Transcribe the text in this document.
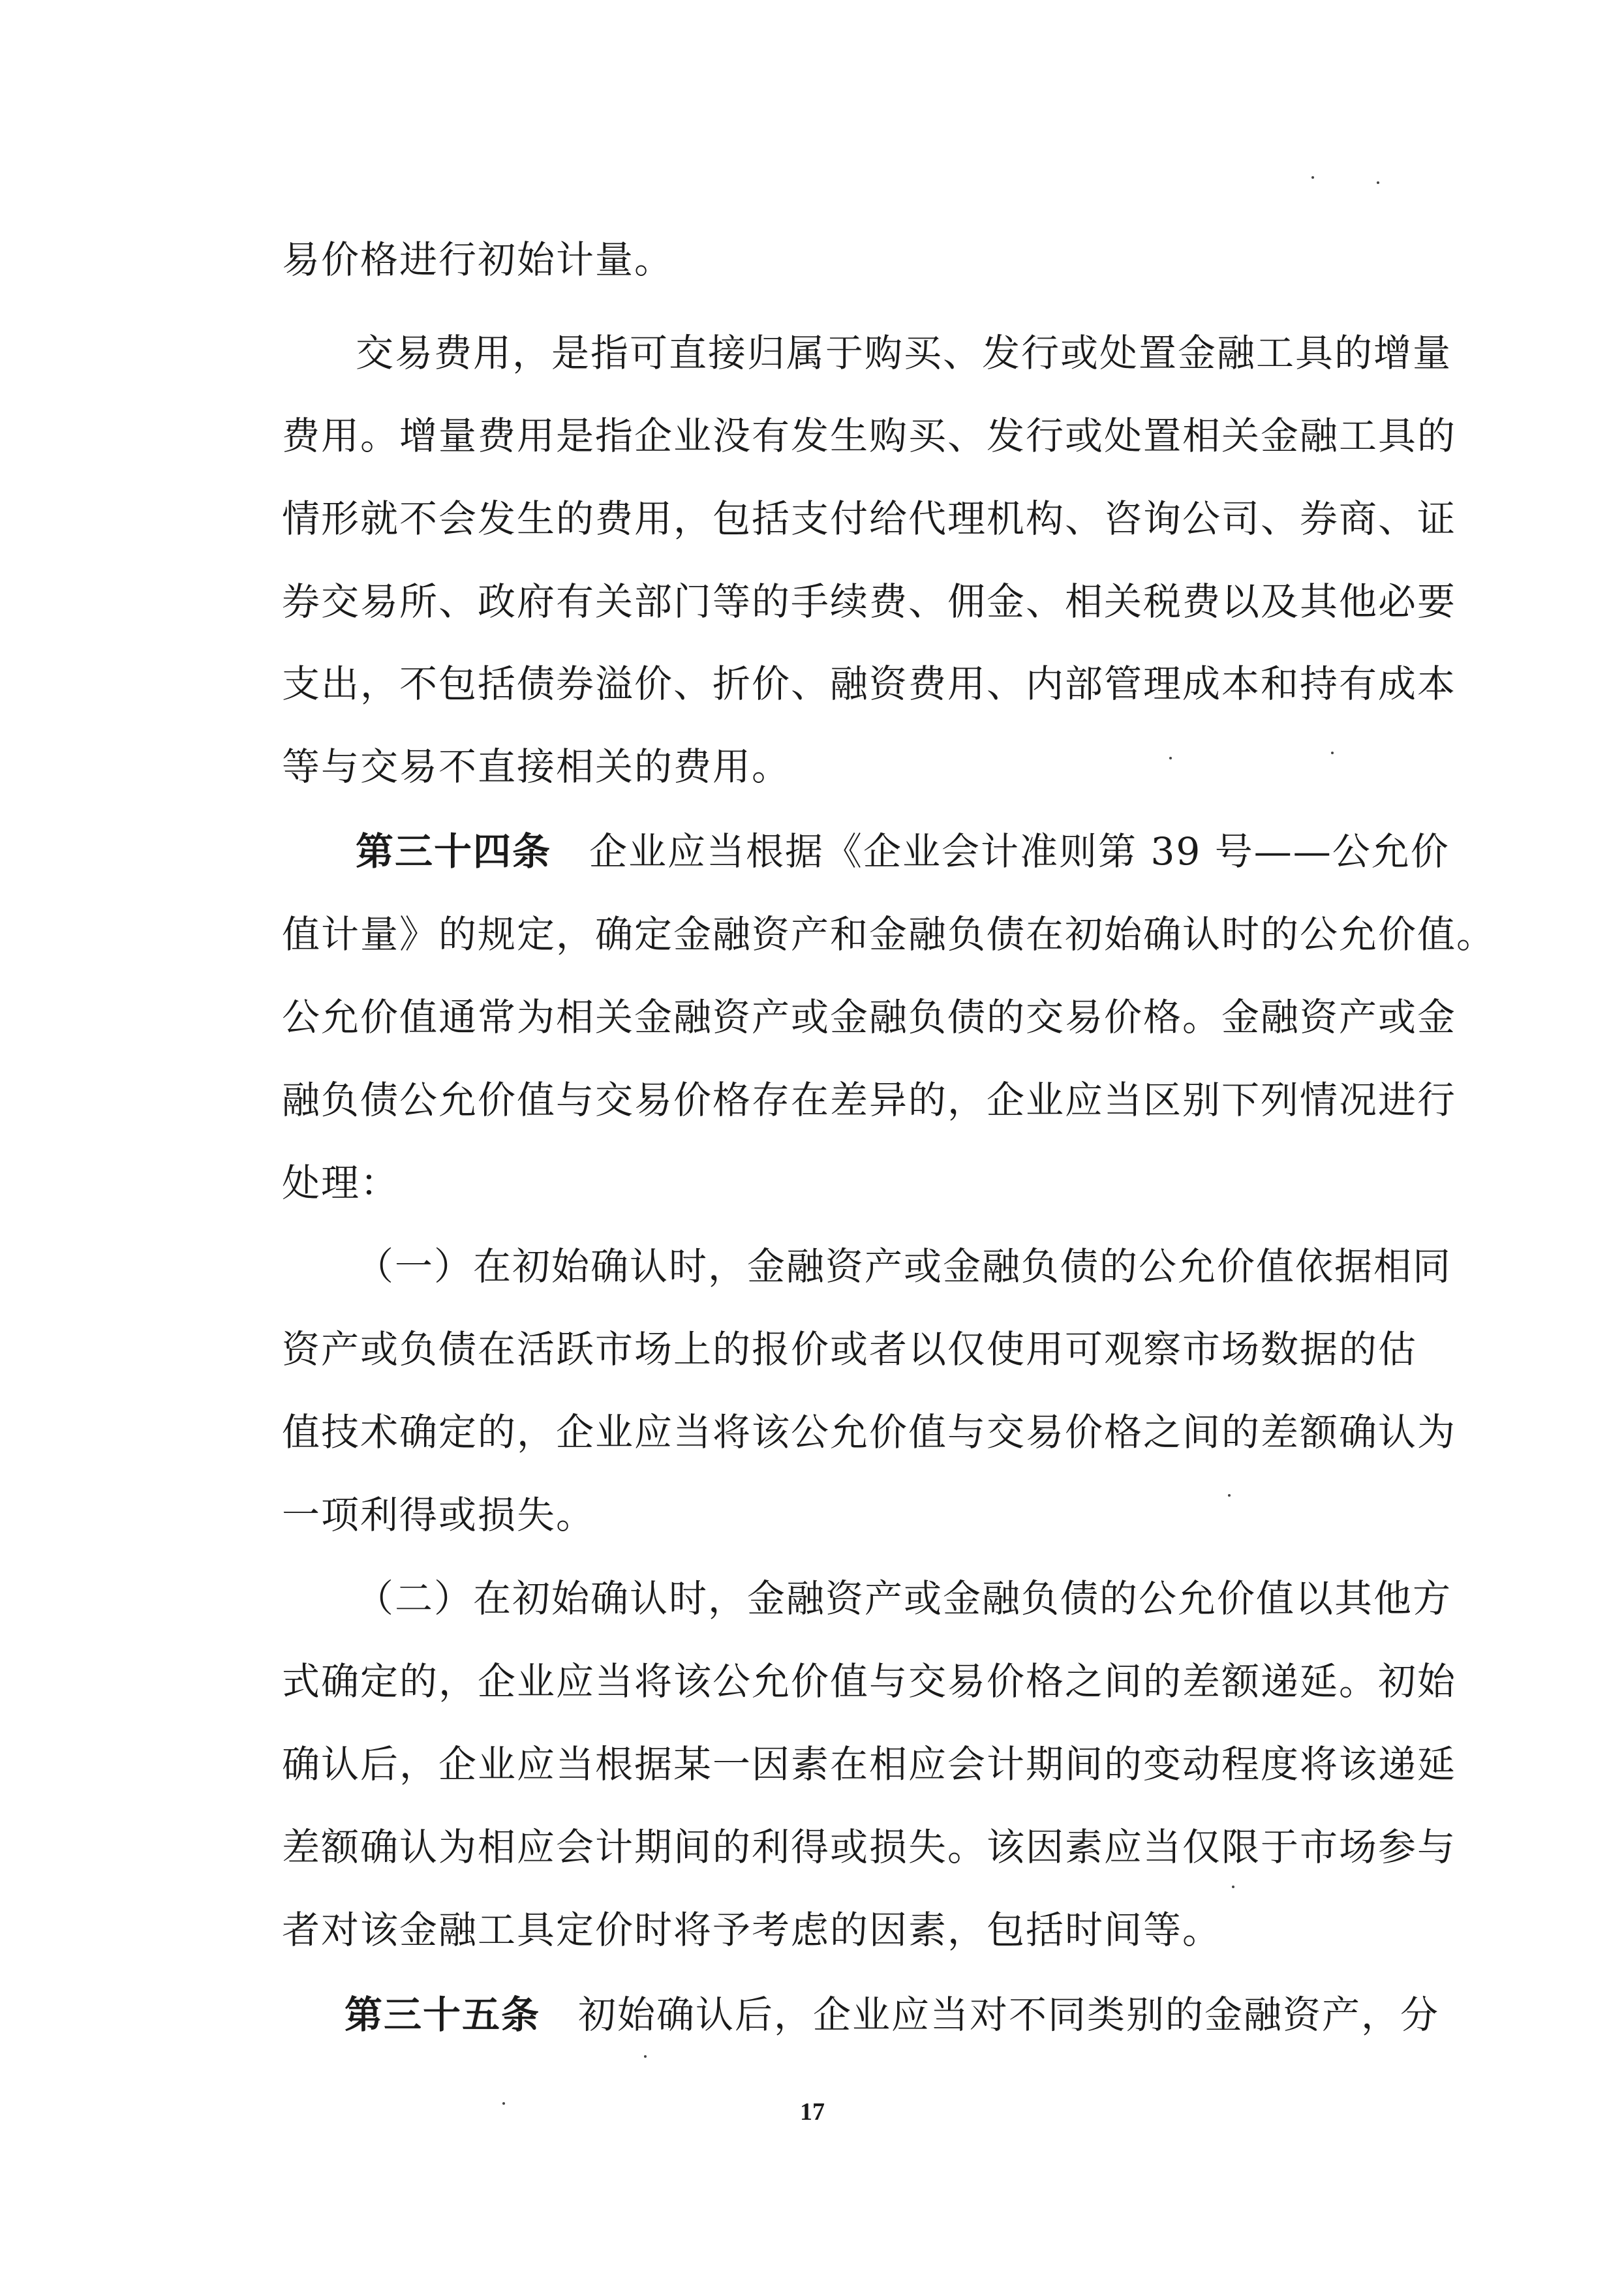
易价格进行初始计量。
交易费用，是指可直接归属于购买、发行或处置金融工具的增量
费用。增量费用是指企业没有发生购买、发行或处置相关金融工具的
情形就不会发生的费用，包括支付给代理机构、咨询公司、券商、证
券交易所、政府有关部门等的手续费、佣金、相关税费以及其他必要
支出，不包括债券溢价、折价、融资费用、内部管理成本和持有成本
等与交易不直接相关的费用。
第三十四条 企业应当根据《企业会计准则第 39 号——公允价
值计量》的规定，确定金融资产和金融负债在初始确认时的公允价值。
公允价值通常为相关金融资产或金融负债的交易价格。金融资产或金
融负债公允价值与交易价格存在差异的，企业应当区别下列情况进行
处理：
（一）在初始确认时，金融资产或金融负债的公允价值依据相同
资产或负债在活跃市场上的报价或者以仅使用可观察市场数据的估
值技术确定的，企业应当将该公允价值与交易价格之间的差额确认为
一项利得或损失。
（二）在初始确认时，金融资产或金融负债的公允价值以其他方
式确定的，企业应当将该公允价值与交易价格之间的差额递延。初始
确认后，企业应当根据某一因素在相应会计期间的变动程度将该递延
差额确认为相应会计期间的利得或损失。该因素应当仅限于市场参与
者对该金融工具定价时将予考虑的因素，包括时间等。
第三十五条 初始确认后，企业应当对不同类别的金融资产，分
17
